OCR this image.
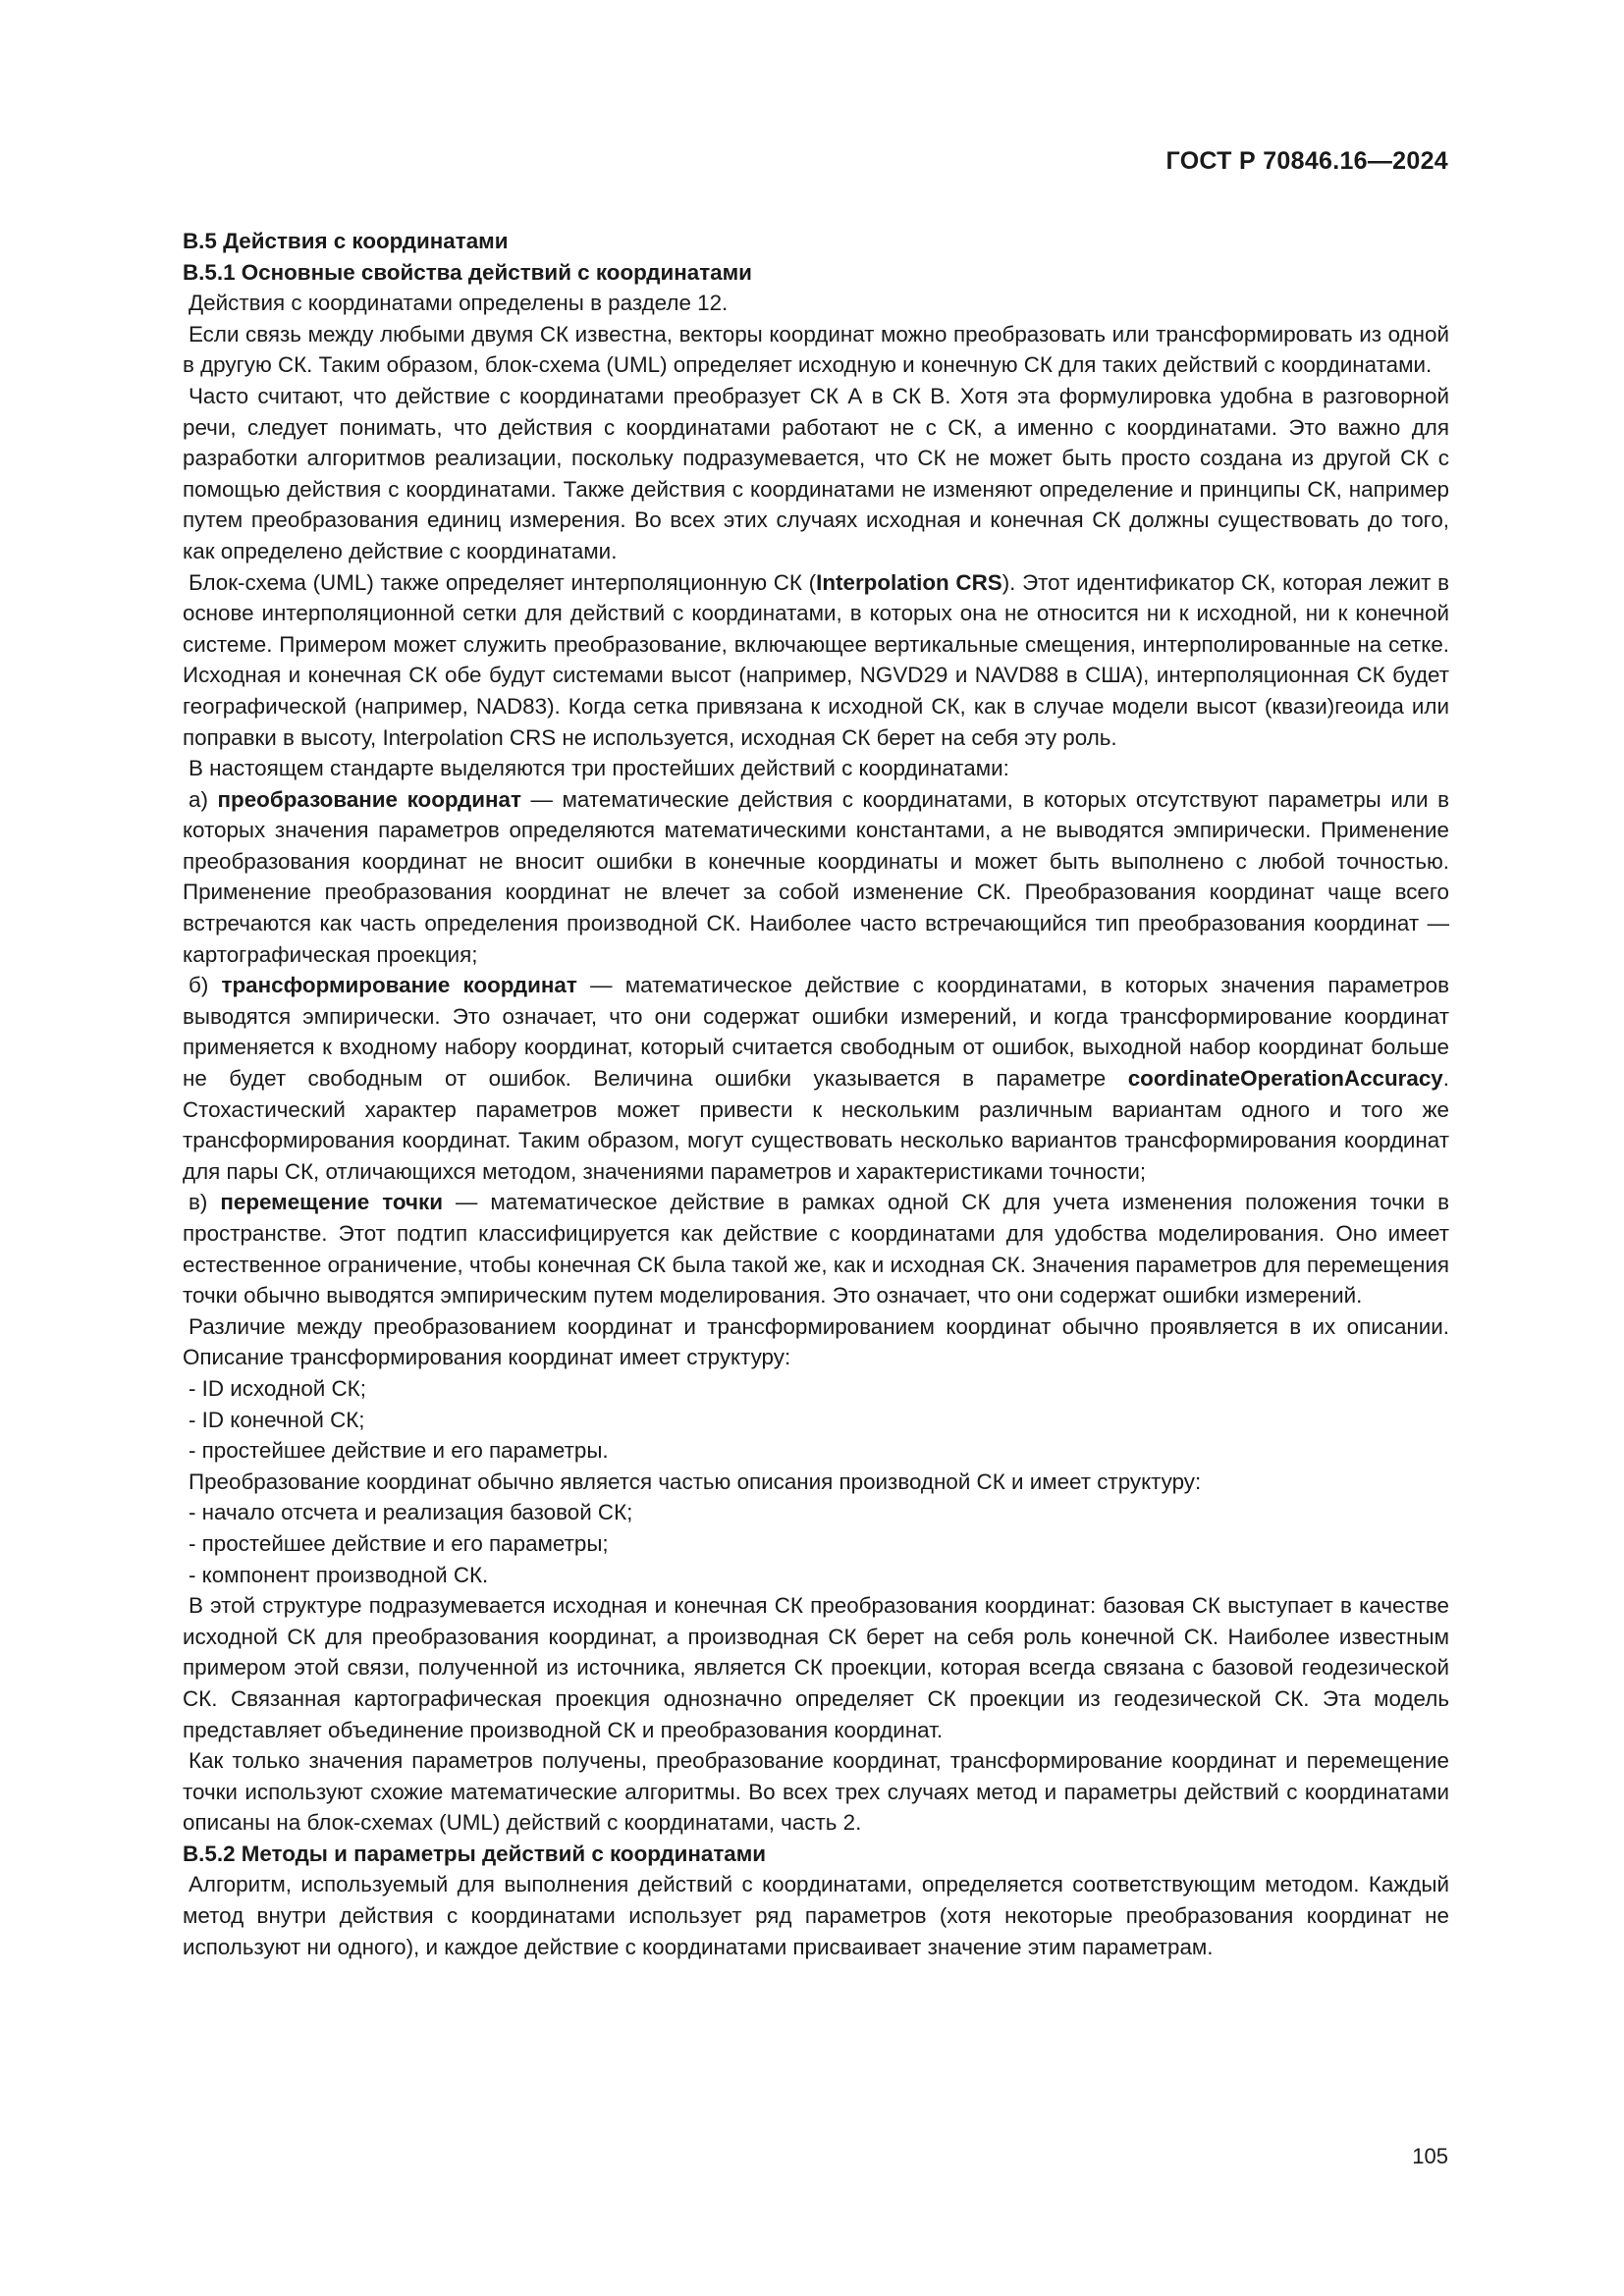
ГОСТ Р 70846.16—2024

В.5 Действия с координатами

В.5.1 Основные свойства действий с координатами

Действия с координатами определены в разделе 12.

Если связь между любыми двумя СК известна, векторы координат можно преобразовать или трансформировать из одной в другую СК. Таким образом, блок-схема (UML) определяет исходную и конечную СК для таких действий с координатами.

Часто считают, что действие с координатами преобразует СК А в СК В. Хотя эта формулировка удобна в разговорной речи, следует понимать, что действия с координатами работают не с СК, а именно с координатами. Это важно для разработки алгоритмов реализации, поскольку подразумевается, что СК не может быть просто создана из другой СК с помощью действия с координатами. Также действия с координатами не изменяют определение и принципы СК, например путем преобразования единиц измерения. Во всех этих случаях исходная и конечная СК должны существовать до того, как определено действие с координатами.

Блок-схема (UML) также определяет интерполяционную СК (Interpolation CRS). Этот идентификатор СК, которая лежит в основе интерполяционной сетки для действий с координатами, в которых она не относится ни к исходной, ни к конечной системе. Примером может служить преобразование, включающее вертикальные смещения, интерполированные на сетке. Исходная и конечная СК обе будут системами высот (например, NGVD29 и NAVD88 в США), интерполяционная СК будет географической (например, NAD83). Когда сетка привязана к исходной СК, как в случае модели высот (квази)геоида или поправки в высоту, Interpolation CRS не используется, исходная СК берет на себя эту роль.

В настоящем стандарте выделяются три простейших действий с координатами:

а) преобразование координат — математические действия с координатами, в которых отсутствуют параметры или в которых значения параметров определяются математическими константами, а не выводятся эмпирически. Применение преобразования координат не вносит ошибки в конечные координаты и может быть выполнено с любой точностью. Применение преобразования координат не влечет за собой изменение СК. Преобразования координат чаще всего встречаются как часть определения производной СК. Наиболее часто встречающийся тип преобразования координат — картографическая проекция;

б) трансформирование координат — математическое действие с координатами, в которых значения параметров выводятся эмпирически. Это означает, что они содержат ошибки измерений, и когда трансформирование координат применяется к входному набору координат, который считается свободным от ошибок, выходной набор координат больше не будет свободным от ошибок. Величина ошибки указывается в параметре coordinateOperationAccuracy. Стохастический характер параметров может привести к нескольким различным вариантам одного и того же трансформирования координат. Таким образом, могут существовать несколько вариантов трансформирования координат для пары СК, отличающихся методом, значениями параметров и характеристиками точности;

в) перемещение точки — математическое действие в рамках одной СК для учета изменения положения точки в пространстве. Этот подтип классифицируется как действие с координатами для удобства моделирования. Оно имеет естественное ограничение, чтобы конечная СК была такой же, как и исходная СК. Значения параметров для перемещения точки обычно выводятся эмпирическим путем моделирования. Это означает, что они содержат ошибки измерений.

Различие между преобразованием координат и трансформированием координат обычно проявляется в их описании. Описание трансформирования координат имеет структуру:

- ID исходной СК;

- ID конечной СК;

- простейшее действие и его параметры.

Преобразование координат обычно является частью описания производной СК и имеет структуру:

- начало отсчета и реализация базовой СК;

- простейшее действие и его параметры;

- компонент производной СК.

В этой структуре подразумевается исходная и конечная СК преобразования координат: базовая СК выступает в качестве исходной СК для преобразования координат, а производная СК берет на себя роль конечной СК. Наиболее известным примером этой связи, полученной из источника, является СК проекции, которая всегда связана с базовой геодезической СК. Связанная картографическая проекция однозначно определяет СК проекции из геодезической СК. Эта модель представляет объединение производной СК и преобразования координат.

Как только значения параметров получены, преобразование координат, трансформирование координат и перемещение точки используют схожие математические алгоритмы. Во всех трех случаях метод и параметры действий с координатами описаны на блок-схемах (UML) действий с координатами, часть 2.

В.5.2 Методы и параметры действий с координатами

Алгоритм, используемый для выполнения действий с координатами, определяется соответствующим методом. Каждый метод внутри действия с координатами использует ряд параметров (хотя некоторые преобразования координат не используют ни одного), и каждое действие с координатами присваивает значение этим параметрам.

105
